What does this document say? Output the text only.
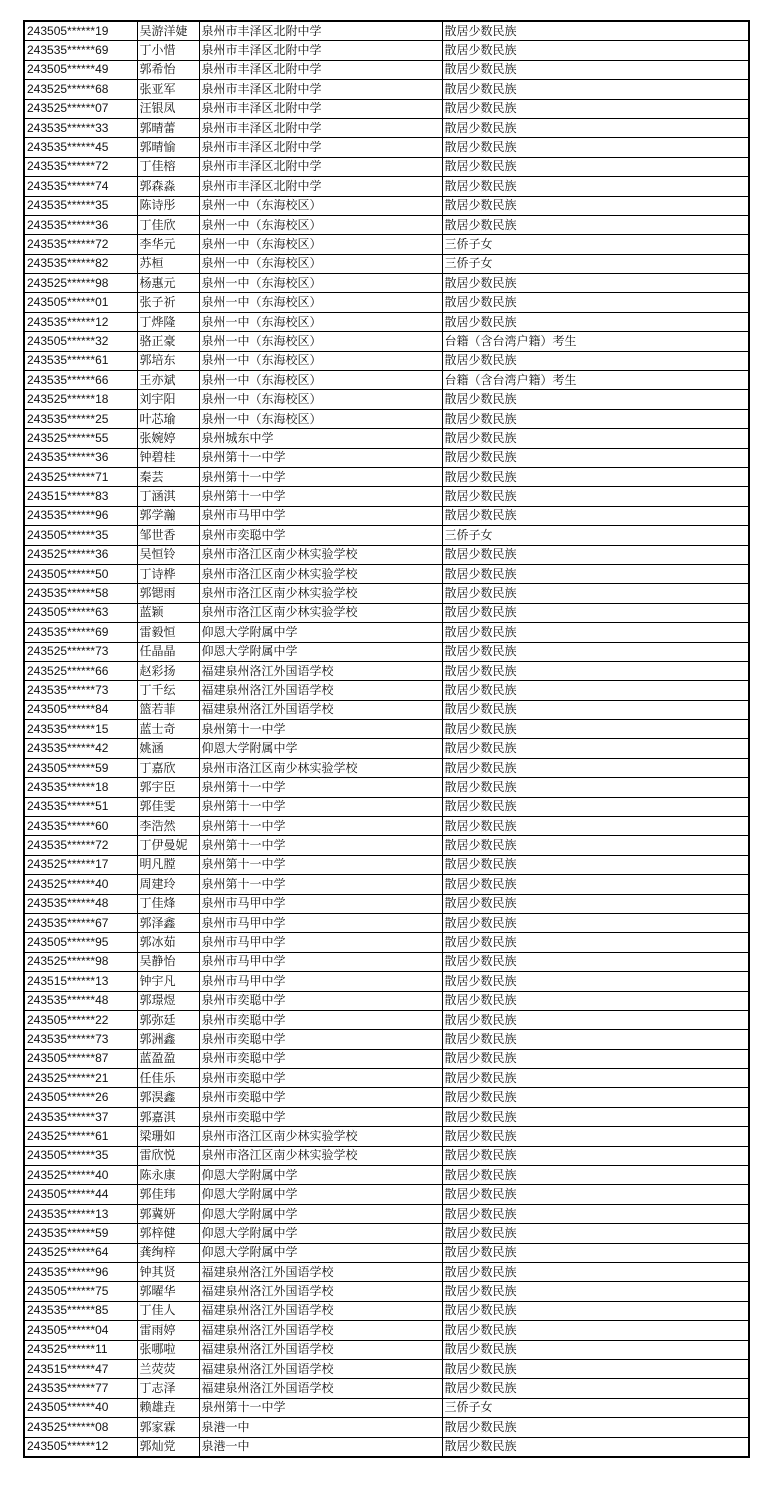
243505******19	吴游洋婕	泉州市丰泽区北附中学	散居少数民族
243535******69	丁小惜	泉州市丰泽区北附中学	散居少数民族
243505******49	郭希怡	泉州市丰泽区北附中学	散居少数民族
243525******68	张亚军	泉州市丰泽区北附中学	散居少数民族
243525******07	汪银凤	泉州市丰泽区北附中学	散居少数民族
243535******33	郭晴蕾	泉州市丰泽区北附中学	散居少数民族
243535******45	郭晴愉	泉州市丰泽区北附中学	散居少数民族
243535******72	丁佳榕	泉州市丰泽区北附中学	散居少数民族
243535******74	郭森淼	泉州市丰泽区北附中学	散居少数民族
243535******35	陈诗彤	泉州一中（东海校区）	散居少数民族
243535******36	丁佳欣	泉州一中（东海校区）	散居少数民族
243535******72	李华元	泉州一中（东海校区）	三侨子女
243535******82	苏桓	泉州一中（东海校区）	三侨子女
243525******98	杨惠元	泉州一中（东海校区）	散居少数民族
243505******01	张子祈	泉州一中（东海校区）	散居少数民族
243535******12	丁烨隆	泉州一中（东海校区）	散居少数民族
243505******32	骆正豪	泉州一中（东海校区）	台籍（含台湾户籍）考生
243535******61	郭培东	泉州一中（东海校区）	散居少数民族
243535******66	王亦斌	泉州一中（东海校区）	台籍（含台湾户籍）考生
243525******18	刘宇阳	泉州一中（东海校区）	散居少数民族
243535******25	叶芯瑜	泉州一中（东海校区）	散居少数民族
243525******55	张婉婷	泉州城东中学	散居少数民族
243535******36	钟碧桂	泉州第十一中学	散居少数民族
243525******71	秦芸	泉州第十一中学	散居少数民族
243515******83	丁涵淇	泉州第十一中学	散居少数民族
243535******96	郭学瀚	泉州市马甲中学	散居少数民族
243505******35	邹世香	泉州市奕聪中学	三侨子女
243525******36	吴恒铃	泉州市洛江区南少林实验学校	散居少数民族
243505******50	丁诗桦	泉州市洛江区南少林实验学校	散居少数民族
243535******58	郭锶雨	泉州市洛江区南少林实验学校	散居少数民族
243505******63	蓝颖	泉州市洛江区南少林实验学校	散居少数民族
243535******69	雷毅恒	仰恩大学附属中学	散居少数民族
243525******73	任晶晶	仰恩大学附属中学	散居少数民族
243525******66	赵彩扬	福建泉州洛江外国语学校	散居少数民族
243535******73	丁千纭	福建泉州洛江外国语学校	散居少数民族
243505******84	篮若菲	福建泉州洛江外国语学校	散居少数民族
243535******15	蓝士奇	泉州第十一中学	散居少数民族
243535******42	姚涵	仰恩大学附属中学	散居少数民族
243505******59	丁嘉欣	泉州市洛江区南少林实验学校	散居少数民族
243535******18	郭宇臣	泉州第十一中学	散居少数民族
243535******51	郭佳雯	泉州第十一中学	散居少数民族
243535******60	李浩然	泉州第十一中学	散居少数民族
243535******72	丁伊曼妮	泉州第十一中学	散居少数民族
243525******17	明凡膛	泉州第十一中学	散居少数民族
243525******40	周建玲	泉州第十一中学	散居少数民族
243535******48	丁佳烽	泉州市马甲中学	散居少数民族
243535******67	郭泽鑫	泉州市马甲中学	散居少数民族
243505******95	郭冰茹	泉州市马甲中学	散居少数民族
243525******98	吴静怡	泉州市马甲中学	散居少数民族
243515******13	钟宇凡	泉州市马甲中学	散居少数民族
243535******48	郭璟煜	泉州市奕聪中学	散居少数民族
243505******22	郭弥廷	泉州市奕聪中学	散居少数民族
243535******73	郭洲鑫	泉州市奕聪中学	散居少数民族
243505******87	蓝盈盈	泉州市奕聪中学	散居少数民族
243525******21	任佳乐	泉州市奕聪中学	散居少数民族
243505******26	郭淏鑫	泉州市奕聪中学	散居少数民族
243535******37	郭嘉淇	泉州市奕聪中学	散居少数民族
243525******61	梁珊如	泉州市洛江区南少林实验学校	散居少数民族
243505******35	雷欣悦	泉州市洛江区南少林实验学校	散居少数民族
243525******40	陈永康	仰恩大学附属中学	散居少数民族
243505******44	郭佳玮	仰恩大学附属中学	散居少数民族
243535******13	郭冀妍	仰恩大学附属中学	散居少数民族
243535******59	郭梓健	仰恩大学附属中学	散居少数民族
243525******64	龚绚梓	仰恩大学附属中学	散居少数民族
243535******96	钟其贤	福建泉州洛江外国语学校	散居少数民族
243505******75	郭曜华	福建泉州洛江外国语学校	散居少数民族
243535******85	丁佳人	福建泉州洛江外国语学校	散居少数民族
243505******04	雷雨婷	福建泉州洛江外国语学校	散居少数民族
243525******11	张哪啦	福建泉州洛江外国语学校	散居少数民族
243515******47	兰荧荧	福建泉州洛江外国语学校	散居少数民族
243535******77	丁志泽	福建泉州洛江外国语学校	散居少数民族
243505******40	赖雄垚	泉州第十一中学	三侨子女
243525******08	郭家霖	泉港一中	散居少数民族
243505******12	郭灿党	泉港一中	散居少数民族
